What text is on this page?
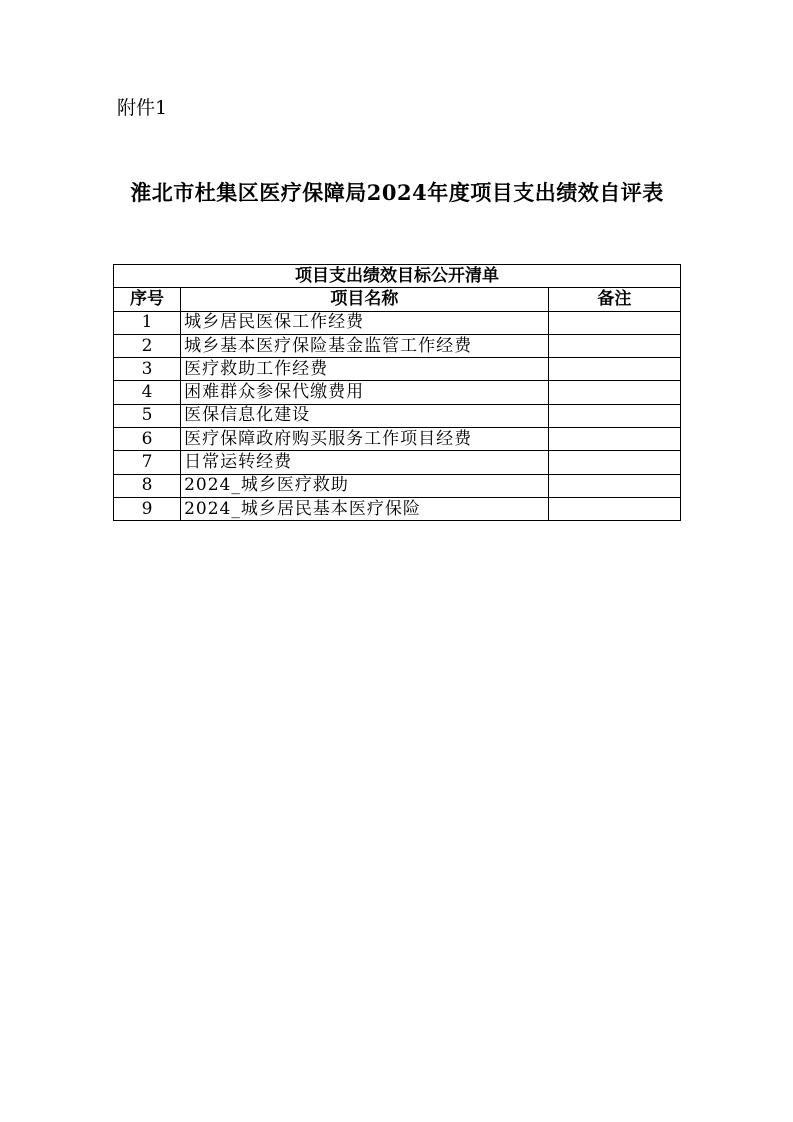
附件1
淮北市杜集区医疗保障局2024年度项目支出绩效自评表
项目支出绩效目标公开清单		
序号	项目名称	备注
1	城乡居民医保工作经费	
2	城乡基本医疗保险基金监管工作经费	
3	医疗救助工作经费	
4	困难群众参保代缴费用	
5	医保信息化建设	
6	医疗保障政府购买服务工作项目经费	
7	日常运转经费	
8	2024_城乡医疗救助	
9	2024_城乡居民基本医疗保险	
